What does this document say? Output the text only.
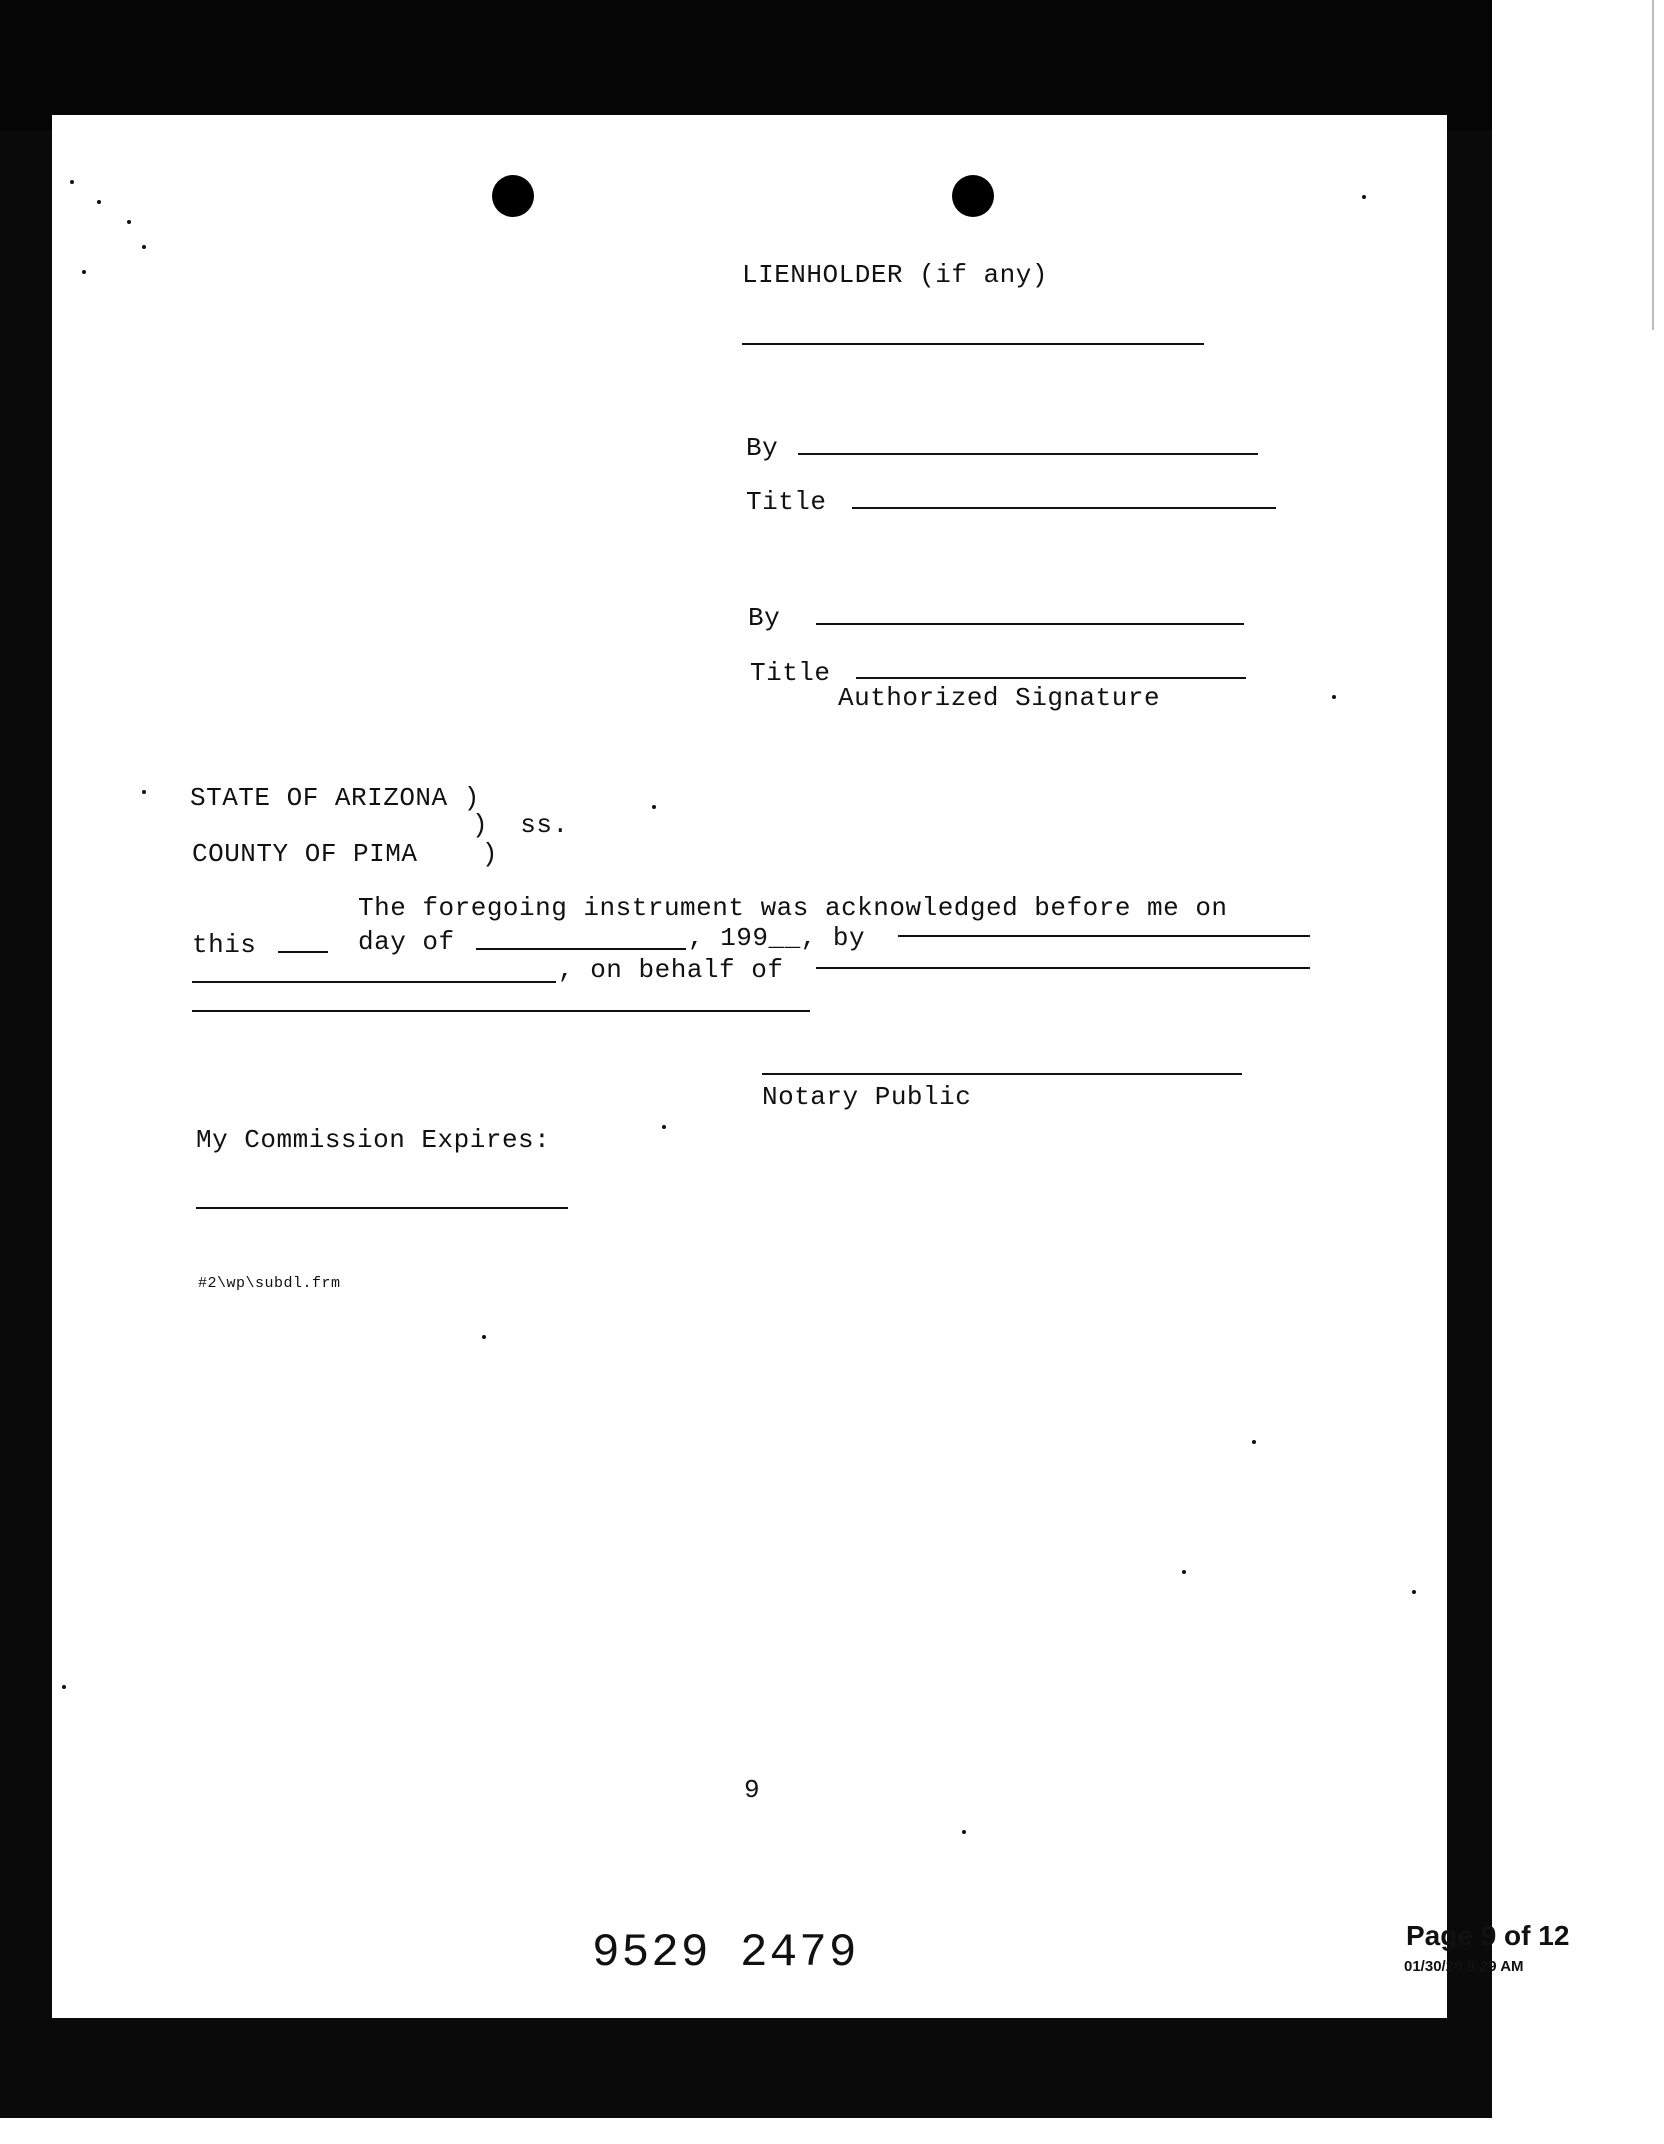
LIENHOLDER (if any)
By
Title
By
Title
Authorized Signature
STATE OF ARIZONA )
)  ss.
COUNTY OF PIMA    )
The foregoing instrument was acknowledged before me on
this	day of	, 199__, by
, on behalf of
Notary Public
My Commission Expires:
#2\wp\subdl.frm
9
9529 2479	Page 9 of 12
01/30/20 9:29 AM
